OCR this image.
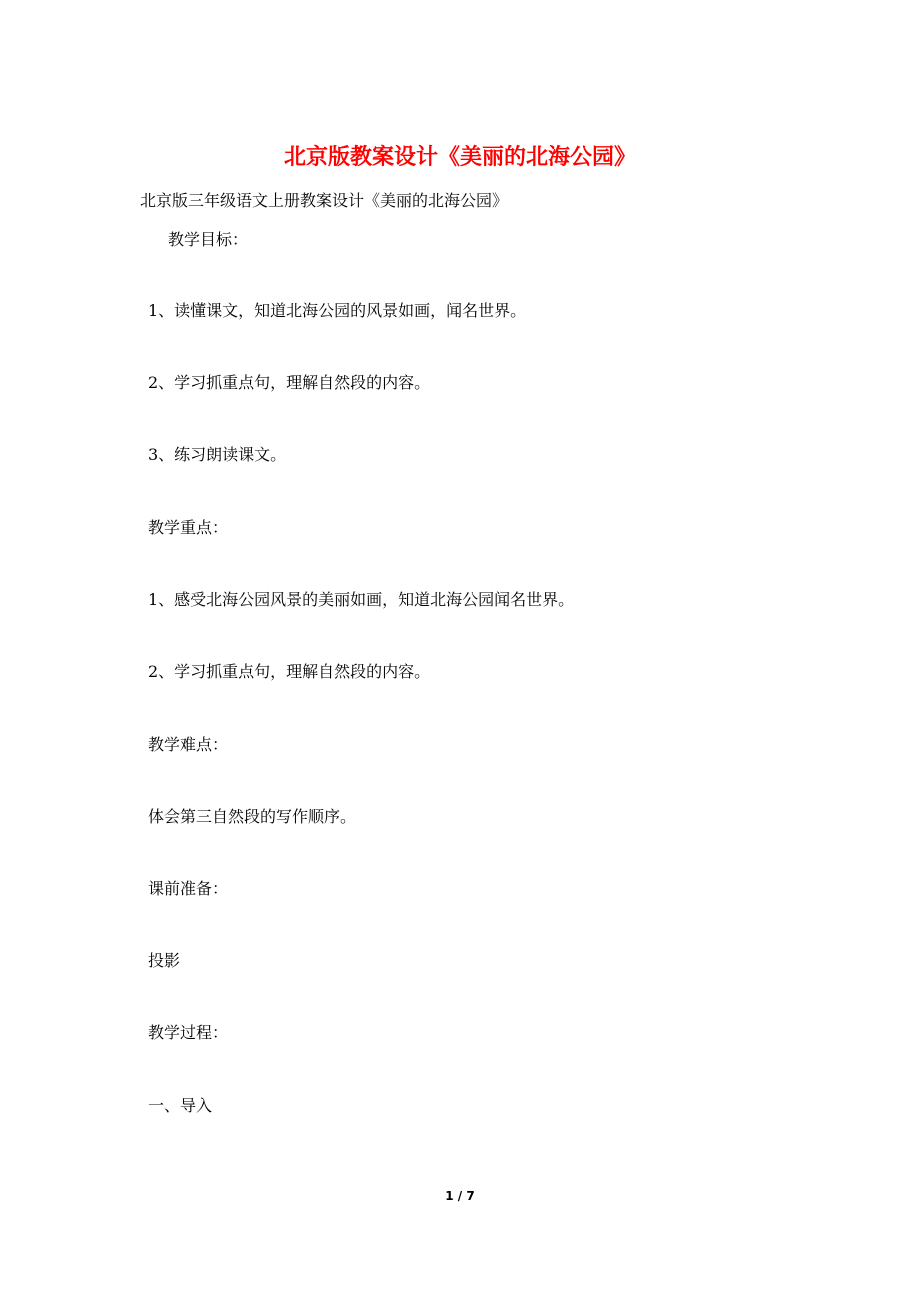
北京版教案设计《美丽的北海公园》
北京版三年级语文上册教案设计《美丽的北海公园》
教学目标：
1、读懂课文，知道北海公园的风景如画，闻名世界。
2、学习抓重点句，理解自然段的内容。
3、练习朗读课文。
教学重点：
1、感受北海公园风景的美丽如画，知道北海公园闻名世界。
2、学习抓重点句，理解自然段的内容。
教学难点：
体会第三自然段的写作顺序。
课前准备：
投影
教学过程：
一、导入
1 / 7
